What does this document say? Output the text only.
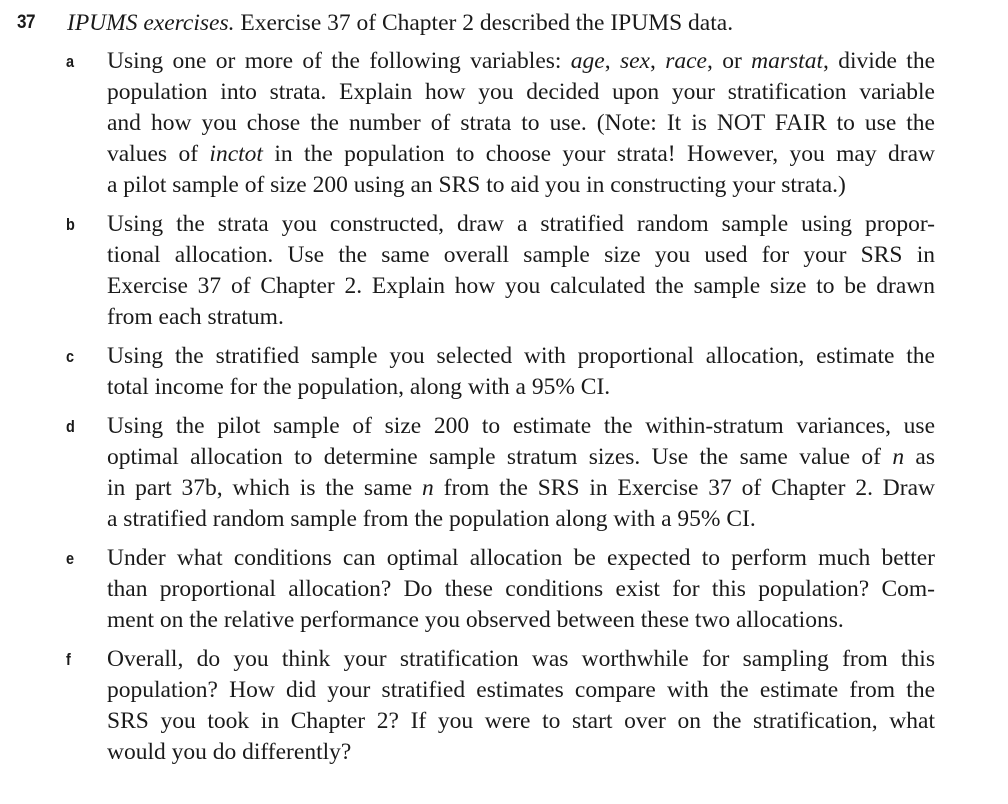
37 IPUMS exercises. Exercise 37 of Chapter 2 described the IPUMS data.
a Using one or more of the following variables: age, sex, race, or marstat, divide the
population into strata. Explain how you decided upon your stratification variable
and how you chose the number of strata to use. (Note: It is NOT FAIR to use the
values of inctot in the population to choose your strata! However, you may draw
a pilot sample of size 200 using an SRS to aid you in constructing your strata.)
b Using the strata you constructed, draw a stratified random sample using propor-
tional allocation. Use the same overall sample size you used for your SRS in
Exercise 37 of Chapter 2. Explain how you calculated the sample size to be drawn
from each stratum.
c Using the stratified sample you selected with proportional allocation, estimate the
total income for the population, along with a 95% CI.
d Using the pilot sample of size 200 to estimate the within-stratum variances, use
optimal allocation to determine sample stratum sizes. Use the same value of n as
in part 37b, which is the same n from the SRS in Exercise 37 of Chapter 2. Draw
a stratified random sample from the population along with a 95% CI.
e Under what conditions can optimal allocation be expected to perform much better
than proportional allocation? Do these conditions exist for this population? Com-
ment on the relative performance you observed between these two allocations.
f Overall, do you think your stratification was worthwhile for sampling from this
population? How did your stratified estimates compare with the estimate from the
SRS you took in Chapter 2? If you were to start over on the stratification, what
would you do differently?
